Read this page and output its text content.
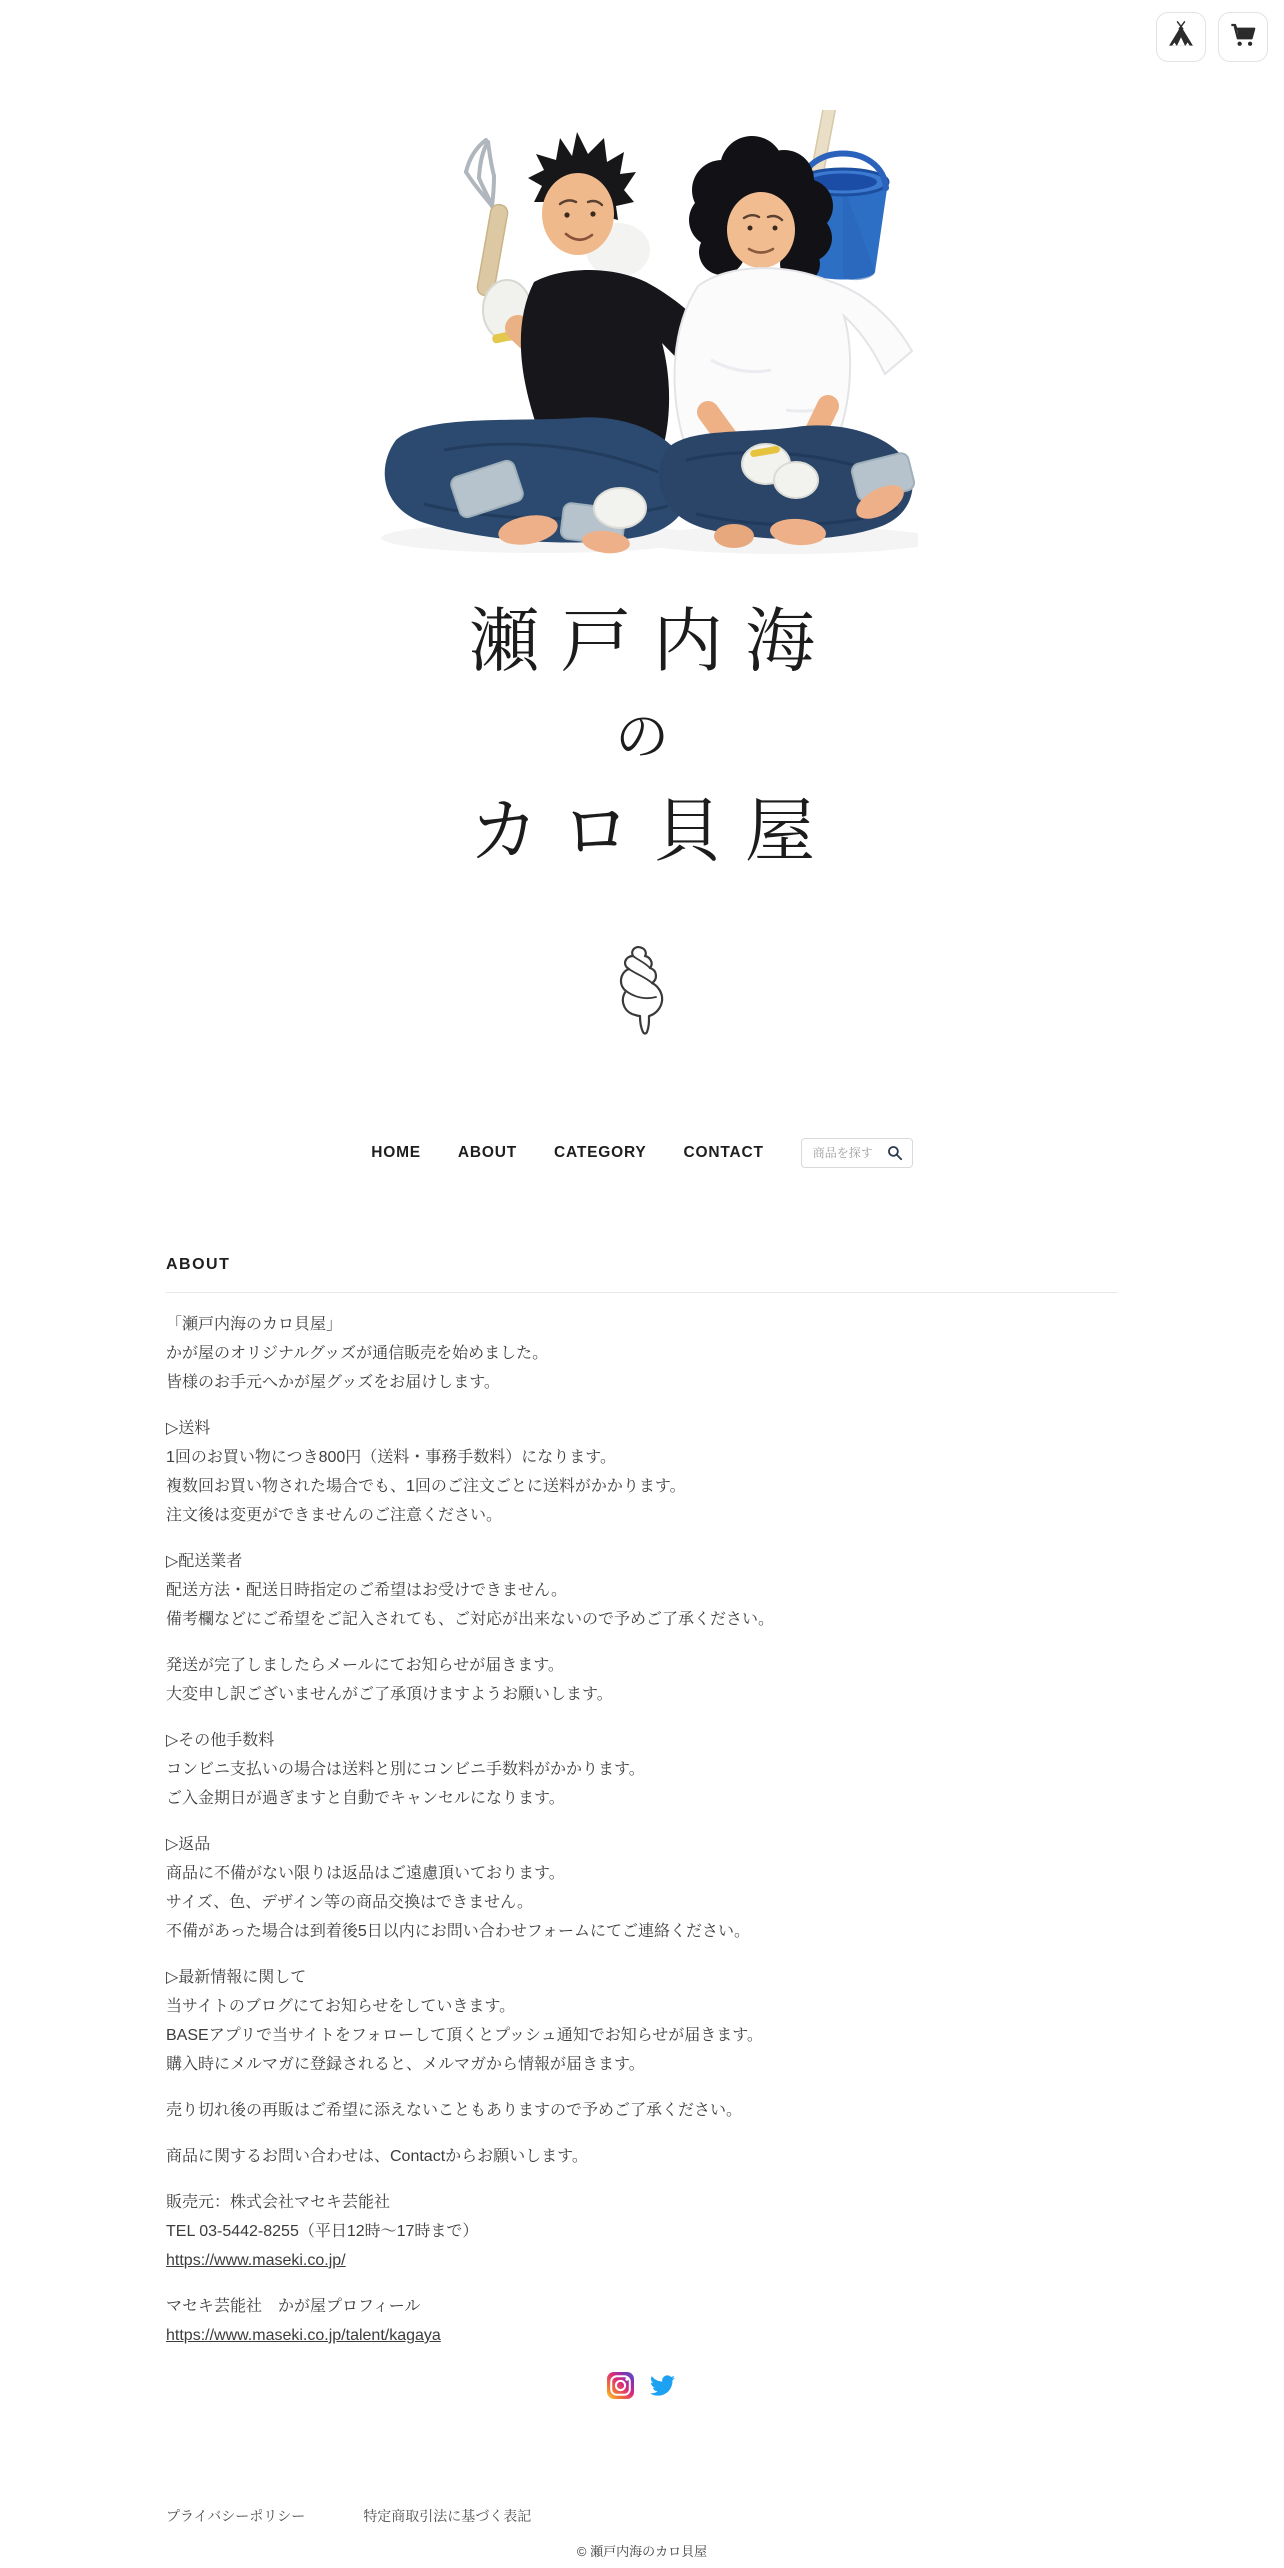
瀬戸内海
の
カロ貝屋
HOME ABOUT CATEGORY CONTACT
商品を探す
ABOUT

「瀬戸内海のカロ貝屋」
かが屋のオリジナルグッズが通信販売を始めました。
皆様のお手元へかが屋グッズをお届けします。

▷送料
1回のお買い物につき800円（送料・事務手数料）になります。
複数回お買い物された場合でも、1回のご注文ごとに送料がかかります。
注文後は変更ができませんのご注意ください。

▷配送業者
配送方法・配送日時指定のご希望はお受けできません。
備考欄などにご希望をご記入されても、ご対応が出来ないので予めご了承ください。

発送が完了しましたらメールにてお知らせが届きます。
大変申し訳ございませんがご了承頂けますようお願いします。

▷その他手数料
コンビニ支払いの場合は送料と別にコンビニ手数料がかかります。
ご入金期日が過ぎますと自動でキャンセルになります。

▷返品
商品に不備がない限りは返品はご遠慮頂いております。
サイズ、色、デザイン等の商品交換はできません。
不備があった場合は到着後5日以内にお問い合わせフォームにてご連絡ください。

▷最新情報に関して
当サイトのブログにてお知らせをしていきます。
BASEアプリで当サイトをフォローして頂くとプッシュ通知でお知らせが届きます。
購入時にメルマガに登録されると、メルマガから情報が届きます。

売り切れ後の再販はご希望に添えないこともありますので予めご了承ください。

商品に関するお問い合わせは、Contactからお願いします。

販売元：株式会社マセキ芸能社
TEL 03-5442-8255（平日12時〜17時まで）
https://www.maseki.co.jp/

マセキ芸能社　かが屋プロフィール
https://www.maseki.co.jp/talent/kagaya

プライバシーポリシー	特定商取引法に基づく表記
© 瀬戸内海のカロ貝屋
